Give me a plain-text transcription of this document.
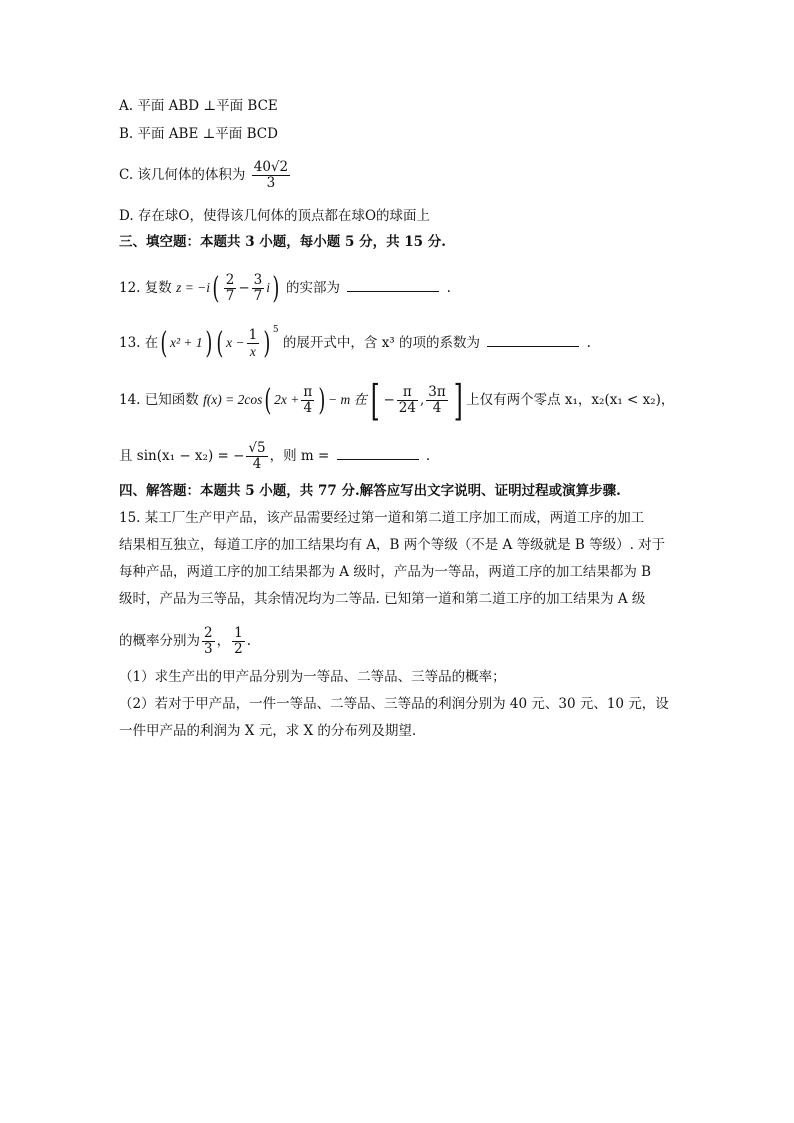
A. 平面 ABD ⊥平面 BCE
B. 平面 ABE ⊥平面 BCD
C. 该几何体的体积为 $\frac{40√2}{3}$
D. 存在球O，使得该几何体的顶点都在球O的球面上
三、填空题：本题共 3 小题，每小题 5 分，共 15 分.
12. 复数 $z = -i( \frac{2}{7} - \frac{3}{7} i)$ 的实部为	.
13. 在( x² + 1) ( $x - \frac{1}{x}$ ) $^5$ 的展开式中，含 x³ 的项的系数为	.
14. 已知函数 f(x) = 2cos( $2x + \frac{\pi}{4}$ ) − m 在[ − $\frac{\pi}{24}$ , $\frac{3\pi}{4}$ ] 上仅有两个零点 x₁，x₂(x₁ < x₂)，
且 sin(x₁ − x₂) = − $\frac{√5}{4}$ ，则 m =	.
四、解答题：本题共 5 小题，共 77 分.解答应写出文字说明、证明过程或演算步骤.
15. 某工厂生产甲产品，该产品需要经过第一道和第二道工序加工而成，两道工序的加工
结果相互独立，每道工序的加工结果均有 A，B 两个等级（不是 A 等级就是 B 等级）. 对于
每种产品，两道工序的加工结果都为 A 级时，产品为一等品，两道工序的加工结果都为 B
级时，产品为三等品，其余情况均为二等品. 已知第一道和第二道工序的加工结果为 A 级
的概率分别为 $\frac{2}{3}$ ， $\frac{1}{2}$ .
（1）求生产出的甲产品分别为一等品、二等品、三等品的概率；
（2）若对于甲产品，一件一等品、二等品、三等品的利润分别为 40 元、30 元、10 元，设
一件甲产品的利润为 X 元，求 X 的分布列及期望.
